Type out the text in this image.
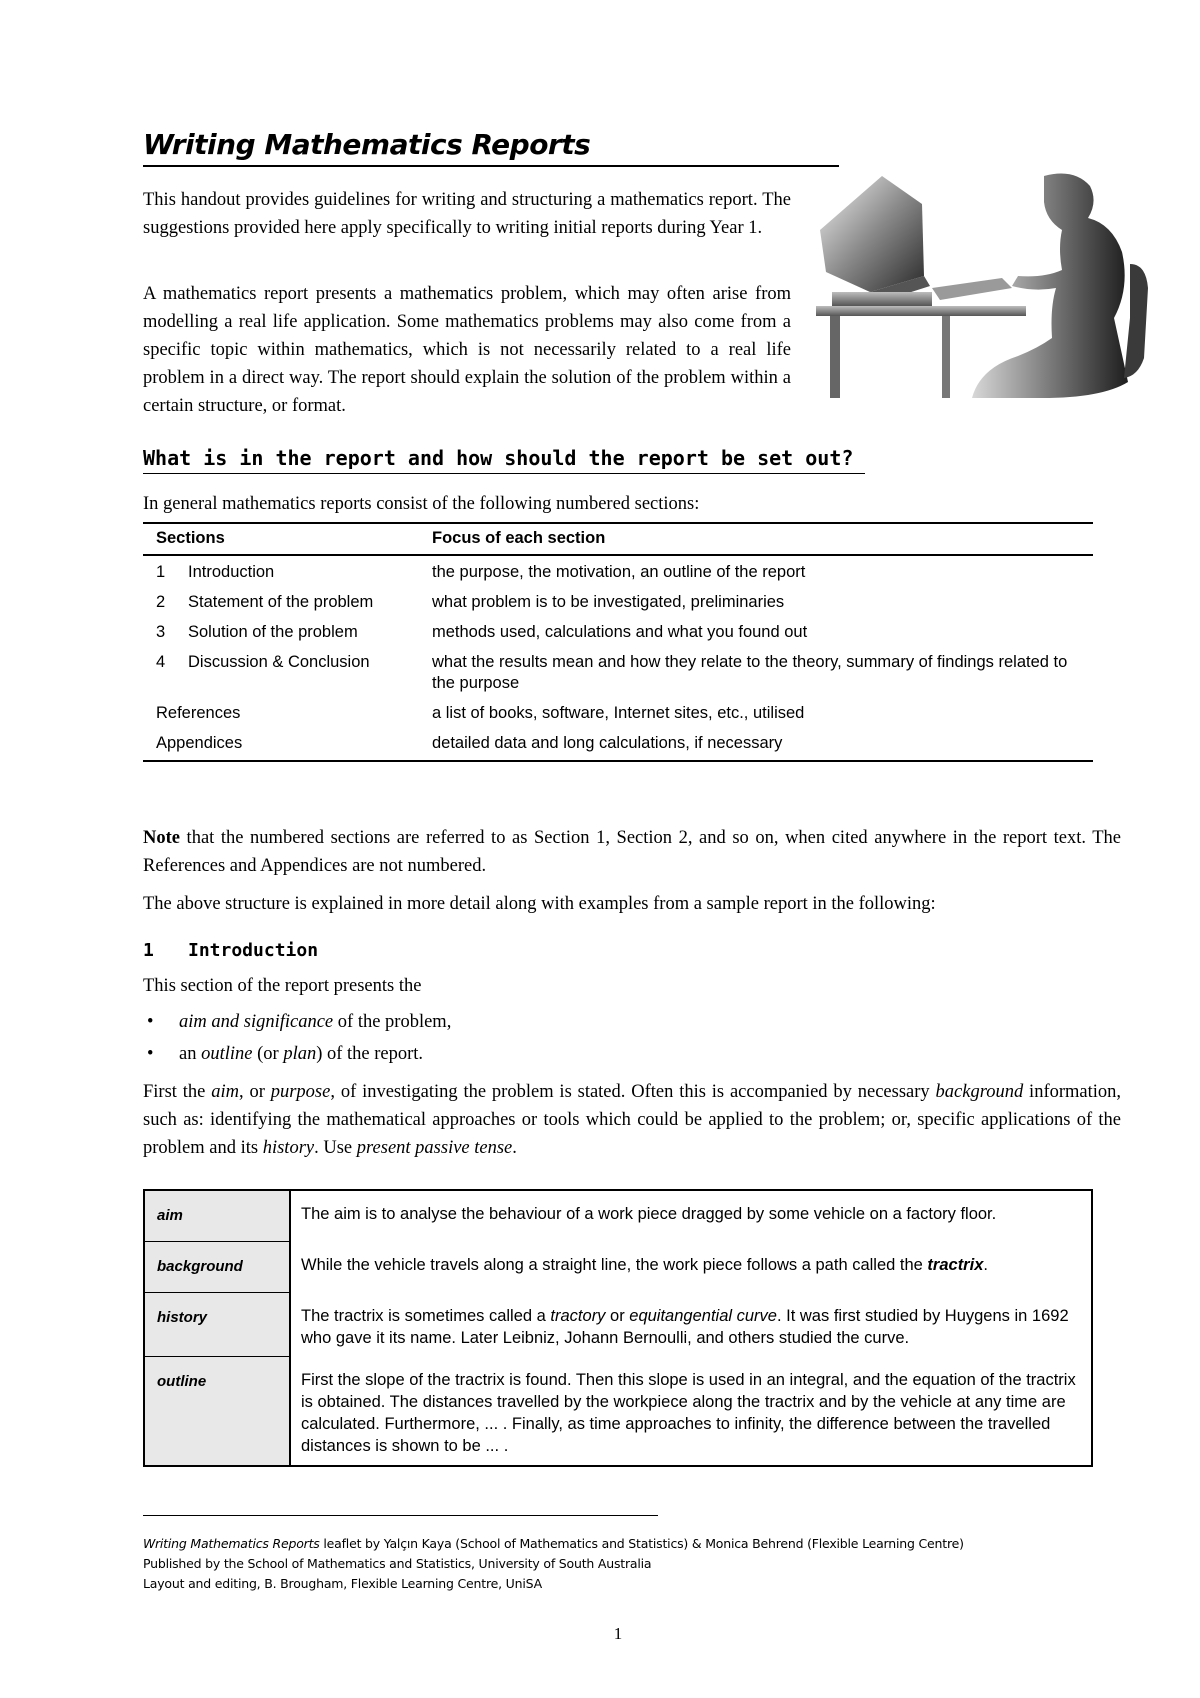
Writing Mathematics Reports

This handout provides guidelines for writing and structuring a mathematics report. The suggestions provided here apply specifically to writing initial reports during Year 1.

A mathematics report presents a mathematics problem, which may often arise from modelling a real life application. Some mathematics problems may also come from a specific topic within mathematics, which is not necessarily related to a real life problem in a direct way. The report should explain the solution of the problem within a certain structure, or format.

What is in the report and how should the report be set out?

In general mathematics reports consist of the following numbered sections:

Sections	Focus of each section
1 Introduction	the purpose, the motivation, an outline of the report
2 Statement of the problem	what problem is to be investigated, preliminaries
3 Solution of the problem	methods used, calculations and what you found out
4 Discussion & Conclusion	what the results mean and how they relate to the theory, summary of findings related to the purpose
References	a list of books, software, Internet sites, etc., utilised
Appendices	detailed data and long calculations, if necessary

Note that the numbered sections are referred to as Section 1, Section 2, and so on, when cited anywhere in the report text. The References and Appendices are not numbered.

The above structure is explained in more detail along with examples from a sample report in the following:

1 Introduction

This section of the report presents the

• aim and significance of the problem,
• an outline (or plan) of the report.

First the aim, or purpose, of investigating the problem is stated. Often this is accompanied by necessary background information, such as: identifying the mathematical approaches or tools which could be applied to the problem; or, specific applications of the problem and its history. Use present passive tense.

aim	The aim is to analyse the behaviour of a work piece dragged by some vehicle on a factory floor.
background	While the vehicle travels along a straight line, the work piece follows a path called the tractrix.
history	The tractrix is sometimes called a tractory or equitangential curve. It was first studied by Huygens in 1692 who gave it its name. Later Leibniz, Johann Bernoulli, and others studied the curve.
outline	First the slope of the tractrix is found. Then this slope is used in an integral, and the equation of the tractrix is obtained. The distances travelled by the workpiece along the tractrix and by the vehicle at any time are calculated. Furthermore, ... . Finally, as time approaches to infinity, the difference between the travelled distances is shown to be ... .
Writing Mathematics Reports leaflet by Yalçın Kaya (School of Mathematics and Statistics) & Monica Behrend (Flexible Learning Centre)
Published by the School of Mathematics and Statistics, University of South Australia
Layout and editing, B. Brougham, Flexible Learning Centre, UniSA
1
